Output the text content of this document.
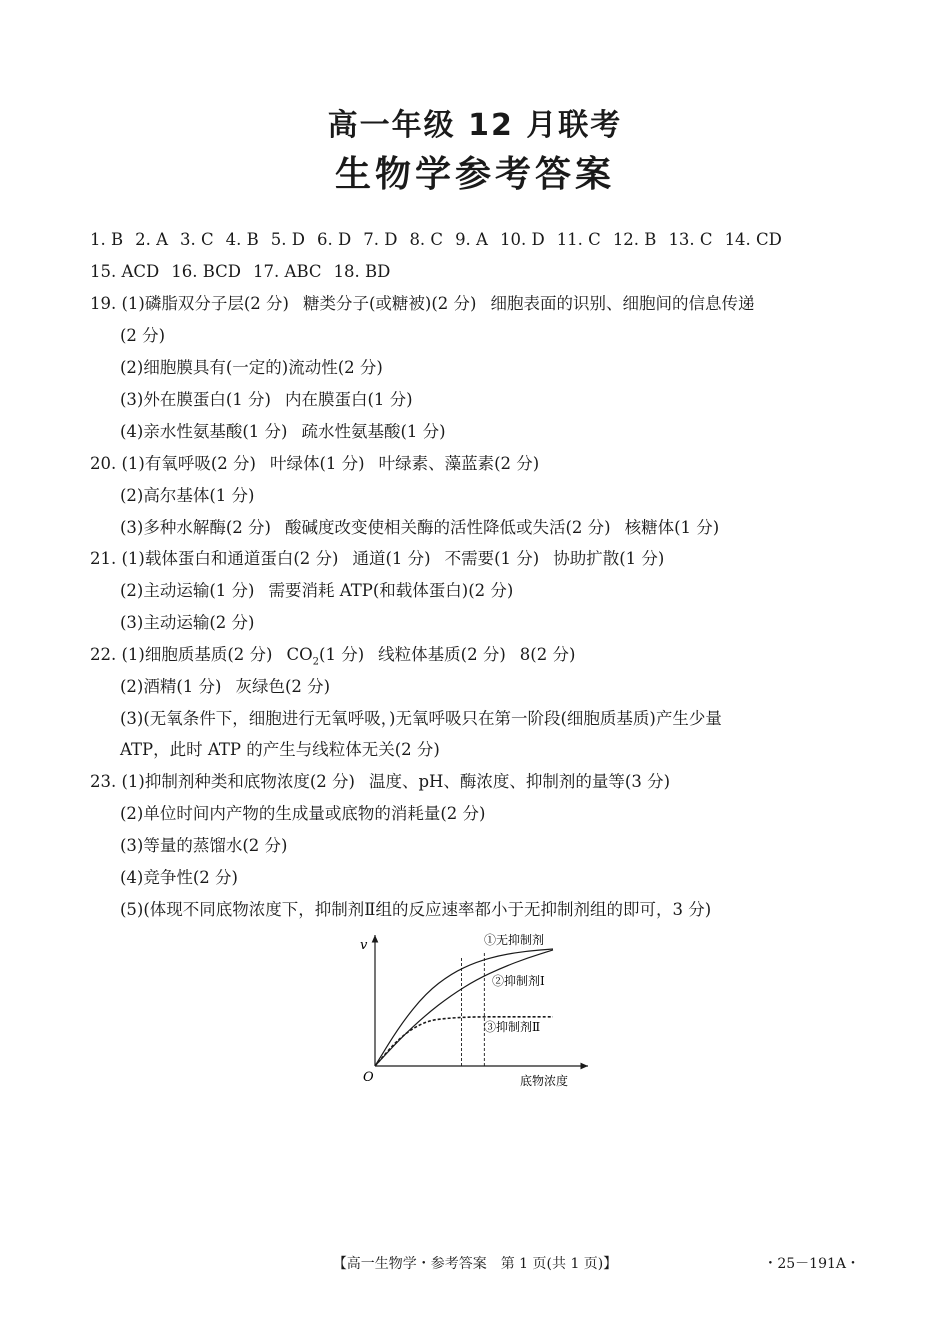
高一年级 12 月联考
生物学参考答案
1. B 2. A 3. C 4. B 5. D 6. D 7. D 8. C 9. A 10. D 11. C 12. B 13. C 14. CD
15. ACD 16. BCD 17. ABC 18. BD
19. (1)磷脂双分子层(2 分) 糖类分子(或糖被)(2 分) 细胞表面的识别、细胞间的信息传递
(2 分)
(2)细胞膜具有(一定的)流动性(2 分)
(3)外在膜蛋白(1 分) 内在膜蛋白(1 分)
(4)亲水性氨基酸(1 分) 疏水性氨基酸(1 分)
20. (1)有氧呼吸(2 分) 叶绿体(1 分) 叶绿素、藻蓝素(2 分)
(2)高尔基体(1 分)
(3)多种水解酶(2 分) 酸碱度改变使相关酶的活性降低或失活(2 分) 核糖体(1 分)
21. (1)载体蛋白和通道蛋白(2 分) 通道(1 分) 不需要(1 分) 协助扩散(1 分)
(2)主动运输(1 分) 需要消耗 ATP(和载体蛋白)(2 分)
(3)主动运输(2 分)
22. (1)细胞质基质(2 分) $CO_2(1$ 分) 线粒体基质(2 分) 8(2 分)
(2)酒精(1 分) 灰绿色(2 分)
(3)(无氧条件下，细胞进行无氧呼吸，)无氧呼吸只在第一阶段(细胞质基质)产生少量
ATP，此时 ATP 的产生与线粒体无关(2 分)
23. (1)抑制剂种类和底物浓度(2 分) 温度、pH、酶浓度、抑制剂的量等(3 分)
(2)单位时间内产物的生成量或底物的消耗量(2 分)
(3)等量的蒸馏水(2 分)
(4)竞争性(2 分)
(5)(体现不同底物浓度下，抑制剂Ⅱ组的反应速率都小于无抑制剂组的即可，3 分)
v
O	底物浓度
①无抑制剂
②抑制剂Ⅰ
③抑制剂Ⅱ
【高一生物学・参考答案　第 1 页(共 1 页)】	・25－191A・
